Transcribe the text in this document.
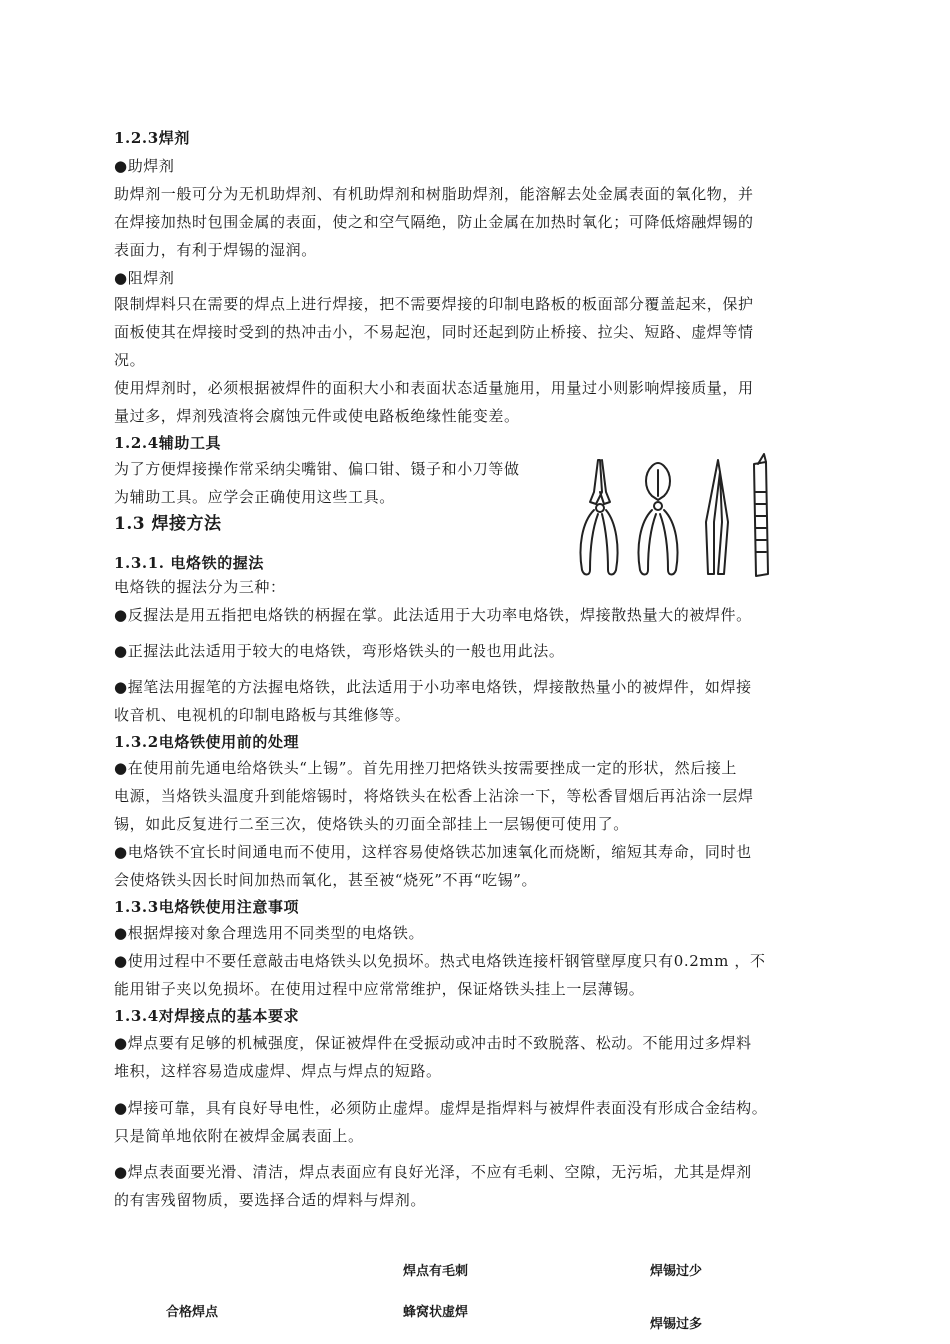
1.2.3焊剂
●助焊剂
助焊剂一般可分为无机助焊剂、有机助焊剂和树脂助焊剂，能溶解去处金属表面的氧化物，并
在焊接加热时包围金属的表面，使之和空气隔绝，防止金属在加热时氧化；可降低熔融焊锡的
表面力，有利于焊锡的湿润。
●阻焊剂
限制焊料只在需要的焊点上进行焊接，把不需要焊接的印制电路板的板面部分覆盖起来，保护
面板使其在焊接时受到的热冲击小，不易起泡，同时还起到防止桥接、拉尖、短路、虚焊等情
况。
使用焊剂时，必须根据被焊件的面积大小和表面状态适量施用，用量过小则影响焊接质量，用
量过多，焊剂残渣将会腐蚀元件或使电路板绝缘性能变差。
1.2.4辅助工具
为了方便焊接操作常采纳尖嘴钳、偏口钳、镊子和小刀等做
为辅助工具。应学会正确使用这些工具。
1.3 焊接方法
1.3.1. 电烙铁的握法
电烙铁的握法分为三种：
●反握法是用五指把电烙铁的柄握在掌。此法适用于大功率电烙铁，焊接散热量大的被焊件。
●正握法此法适用于较大的电烙铁，弯形烙铁头的一般也用此法。
●握笔法用握笔的方法握电烙铁，此法适用于小功率电烙铁，焊接散热量小的被焊件，如焊接
收音机、电视机的印制电路板与其维修等。
1.3.2电烙铁使用前的处理
●在使用前先通电给烙铁头“上锡”。首先用挫刀把烙铁头按需要挫成一定的形状，然后接上
电源，当烙铁头温度升到能熔锡时，将烙铁头在松香上沾涂一下，等松香冒烟后再沾涂一层焊
锡，如此反复进行二至三次，使烙铁头的刃面全部挂上一层锡便可使用了。
●电烙铁不宜长时间通电而不使用，这样容易使烙铁芯加速氧化而烧断，缩短其寿命，同时也
会使烙铁头因长时间加热而氧化，甚至被“烧死”不再“吃锡”。
1.3.3电烙铁使用注意事项
●根据焊接对象合理选用不同类型的电烙铁。
●使用过程中不要任意敲击电烙铁头以免损坏。热式电烙铁连接杆钢管壁厚度只有0.2mm ，不
能用钳子夹以免损坏。在使用过程中应常常维护，保证烙铁头挂上一层薄锡。
1.3.4对焊接点的基本要求
●焊点要有足够的机械强度，保证被焊件在受振动或冲击时不致脱落、松动。不能用过多焊料
堆积，这样容易造成虚焊、焊点与焊点的短路。
●焊接可靠，具有良好导电性，必须防止虚焊。虚焊是指焊料与被焊件表面没有形成合金结构。
只是简单地依附在被焊金属表面上。
●焊点表面要光滑、清洁，焊点表面应有良好光泽，不应有毛刺、空隙，无污垢，尤其是焊剂
的有害残留物质，要选择合适的焊料与焊剂。
焊点有毛刺	焊锡过少
合格焊点	蜂窝状虚焊
焊锡过多
